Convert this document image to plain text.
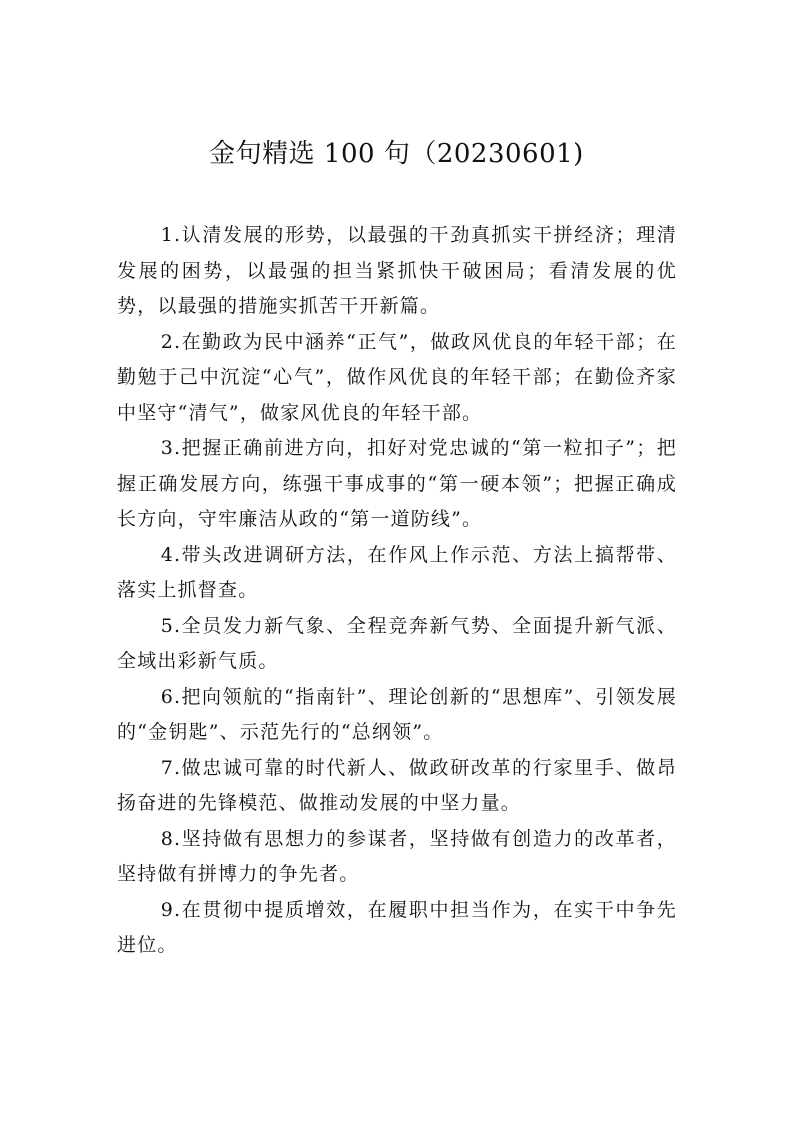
金句精选 100 句（20230601)

1.认清发展的形势，以最强的干劲真抓实干拼经济；理清发展的困势，以最强的担当紧抓快干破困局；看清发展的优势，以最强的措施实抓苦干开新篇。

2.在勤政为民中涵养“正气”，做政风优良的年轻干部；在勤勉于己中沉淀“心气”，做作风优良的年轻干部；在勤俭齐家中坚守“清气”，做家风优良的年轻干部。

3.把握正确前进方向，扣好对党忠诚的“第一粒扣子”；把握正确发展方向，练强干事成事的“第一硬本领”；把握正确成长方向，守牢廉洁从政的“第一道防线”。

4.带头改进调研方法，在作风上作示范、方法上搞帮带、落实上抓督查。

5.全员发力新气象、全程竞奔新气势、全面提升新气派、全域出彩新气质。

6.把向领航的“指南针”、理论创新的“思想库”、引领发展的“金钥匙”、示范先行的“总纲领”。

7.做忠诚可靠的时代新人、做政研改革的行家里手、做昂扬奋进的先锋模范、做推动发展的中坚力量。

8.坚持做有思想力的参谋者，坚持做有创造力的改革者，坚持做有拼博力的争先者。

9.在贯彻中提质增效，在履职中担当作为，在实干中争先进位。
